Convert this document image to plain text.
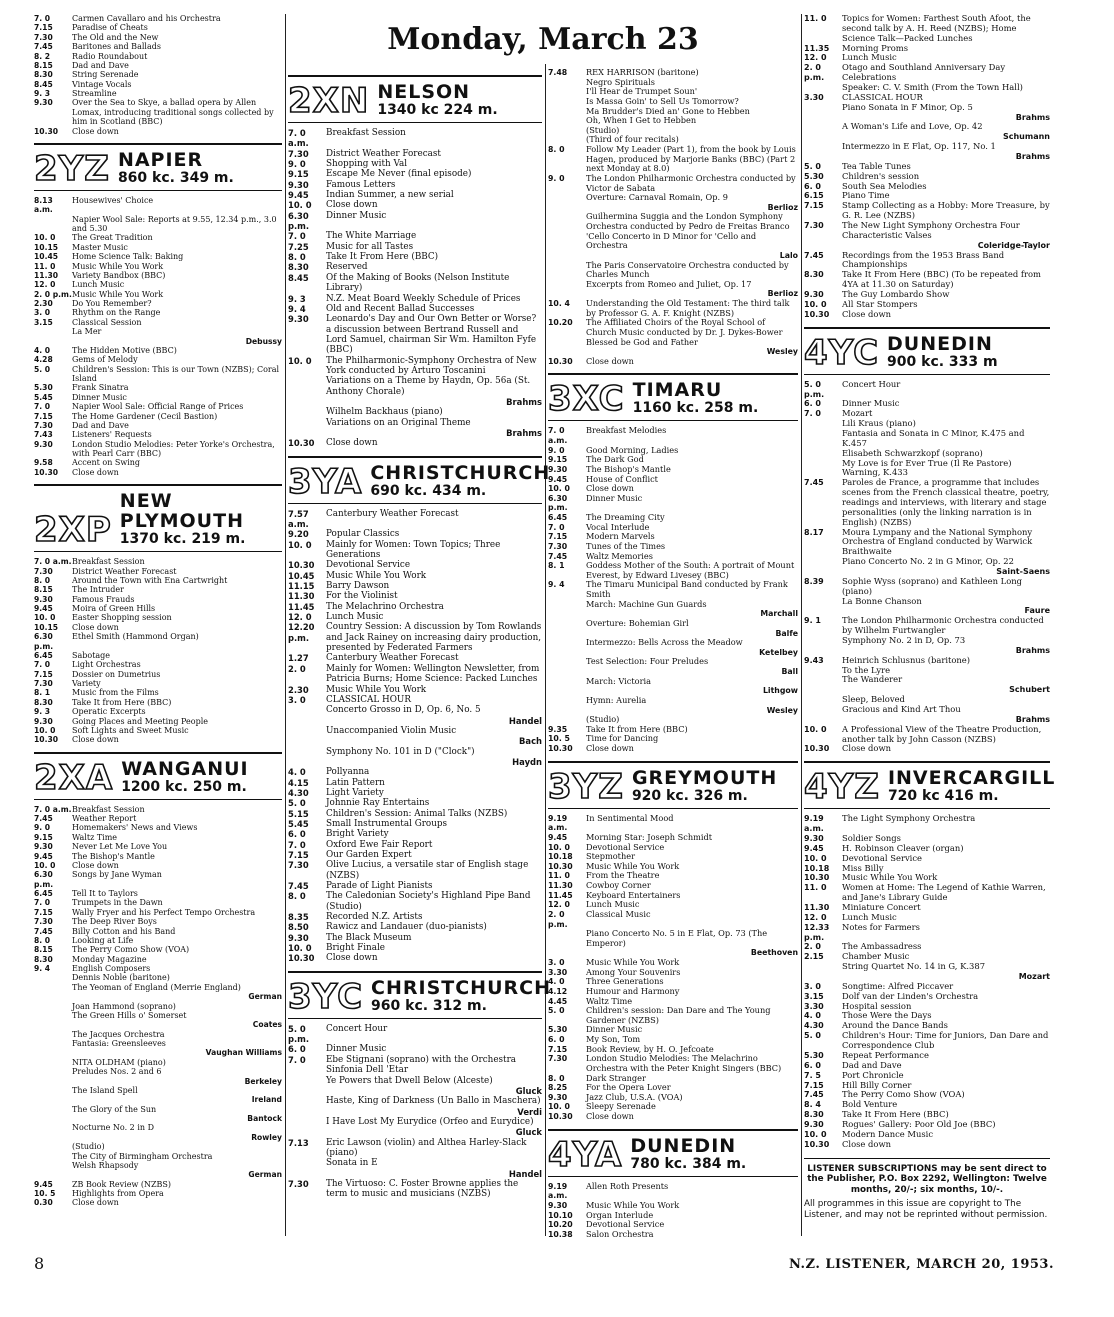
Monday, March 23
7. 0	Carmen Cavallaro and his Orchestra
7.15	Paradise of Cheats
7.30	The Old and the New
7.45	Baritones and Ballads
8. 2	Radio Roundabout
8.15	Dad and Dave
8.30	String Serenade
8.45	Vintage Vocals
9. 3	Streamline
9.30	Over the Sea to Skye, a ballad opera by Allen Lomax, introducing traditional songs collected by him in Scotland (BBC)
10.30	Close down
2YZ NAPIER
860 kc. 349 m.
8.13 a.m.
Housewives' Choice
Napier Wool Sale: Reports at 9.55, 12.34 p.m., 3.0 and 5.30
10. 0	The Great Tradition
10.15	Master Music
10.45	Home Science Talk: Baking
11. 0	Music While You Work
11.30	Variety Bandbox (BBC)
12. 0	Lunch Music
2. 0 p.m. Music While You Work
2.30	Do You Remember?
3. 0	Rhythm on the Range
3.15	Classical Session
La Mer
Debussy
4. 0	The Hidden Motive (BBC)
4.28	Gems of Melody
5. 0	Children's Session: This is our Town (NZBS); Coral Island
5.30	Frank Sinatra
5.45	Dinner Music
7. 0	Napier Wool Sale: Official Range of Prices
7.15	The Home Gardener (Cecil Bastion)
7.30	Dad and Dave
7.43	Listeners' Requests
9.30	London Studio Melodies: Peter Yorke's Orchestra, with Pearl Carr (BBC)
9.58	Accent on Swing
10.30	Close down
2XP
NEW PLYMOUTH
1370 kc. 219 m.
7. 0 a.m. Breakfast Session
7.30	District Weather Forecast
8. 0	Around the Town with Ena Cartwright
8.15	The Intruder
9.30	Famous Frauds
9.45	Moira of Green Hills
10. 0	Easter Shopping session
10.15	Close down
6.30 p.m.
Ethel Smith (Hammond Organ)
6.45	Sabotage
7. 0	Light Orchestras
7.15	Dossier on Dumetrius
7.30	Variety
8. 1	Music from the Films
8.30	Take It from Here (BBC)
9. 3	Operatic Excerpts
9.30	Going Places and Meeting People
10. 0	Soft Lights and Sweet Music
10.30	Close down
2XA WANGANUI
1200 kc. 250 m.
7. 0 a.m. Breakfast Session
7.45	Weather Report
9. 0	Homemakers' News and Views
9.15	Waltz Time
9.30	Never Let Me Love You
9.45	The Bishop's Mantle
10. 0	Close down
6.30 p.m.
Songs by Jane Wyman
6.45	Tell It to Taylors
7. 0	Trumpets in the Dawn
7.15	Wally Fryer and his Perfect Tempo Orchestra
7.30	The Deep River Boys
7.45	Billy Cotton and his Band
8. 0	Looking at Life
8.15	The Perry Como Show (VOA)
8.30	Monday Magazine
9. 4	English Composers
Dennis Noble (baritone)
The Yeoman of England (Merrie England)
German
Joan Hammond (soprano)
The Green Hills o' Somerset
Coates
The Jacques Orchestra
Fantasia: Greensleeves
Vaughan Williams
NITA OLDHAM (piano)
Preludes Nos. 2 and 6
Berkeley
The Island Spell
Ireland
The Glory of the Sun
Bantock
Nocturne No. 2 in D
Rowley
(Studio)
The City of Birmingham Orchestra
Welsh Rhapsody
German
9.45	ZB Book Review (NZBS)
10. 5	Highlights from Opera
0.30	Close down
2XN NELSON
1340 kc 224 m.
7. 0 a.m.
Breakfast Session
7.30	District Weather Forecast
9. 0	Shopping with Val
9.15	Escape Me Never (final episode)
9.30	Famous Letters
9.45	Indian Summer, a new serial
10. 0	Close down
6.30 p.m.
Dinner Music
7. 0	The White Marriage
7.25	Music for all Tastes
8. 0	Take It From Here (BBC)
8.30	Reserved
8.45	Of the Making of Books (Nelson Institute Library)
9. 3	N.Z. Meat Board Weekly Schedule of Prices
9. 4	Old and Recent Ballad Successes
9.30	Leonardo's Day and Our Own Better or Worse? a discussion between Bertrand Russell and Lord Samuel, chairman Sir Wm. Hamilton Fyfe (BBC)
10. 0	The Philharmonic-Symphony Orchestra of New York conducted by Arturo Toscanini
Variations on a Theme by Haydn, Op. 56a (St. Anthony Chorale)
Brahms
Wilhelm Backhaus (piano)
Variations on an Original Theme
Brahms
10.30	Close down
3YA CHRISTCHURCH
690 kc. 434 m.
7.57 a.m.
Canterbury Weather Forecast
9.20	Popular Classics
10. 0	Mainly for Women: Town Topics; Three Generations
10.30	Devotional Service
10.45	Music While You Work
11.15	Barry Dawson
11.30	For the Violinist
11.45	The Melachrino Orchestra
12. 0	Lunch Music
12.20 p.m.
Country Session: A discussion by Tom Rowlands and Jack Rainey on increasing dairy production, presented by Federated Farmers
1.27	Canterbury Weather Forecast
2. 0	Mainly for Women: Wellington Newsletter, from Patricia Burns; Home Science: Packed Lunches
2.30	Music While You Work
3. 0	CLASSICAL HOUR
Concerto Grosso in D, Op. 6, No. 5
Handel
Unaccompanied Violin Music
Bach
Symphony No. 101 in D ("Clock")
Haydn
4. 0	Pollyanna
4.15	Latin Pattern
4.30	Light Variety
5. 0	Johnnie Ray Entertains
5.15	Children's Session: Animal Talks (NZBS)
5.45	Small Instrumental Groups
6. 0	Bright Variety
7. 0	Oxford Ewe Fair Report
7.15	Our Garden Expert
7.30	Olive Lucius, a versatile star of English stage (NZBS)
7.45	Parade of Light Pianists
8. 0	The Caledonian Society's Highland Pipe Band
(Studio)
8.35	Recorded N.Z. Artists
8.50	Rawicz and Landauer (duo-pianists)
9.30	The Black Museum
10. 0	Bright Finale
10.30	Close down
3YC CHRISTCHURCH
960 kc. 312 m.
5. 0 p.m.
Concert Hour
6. 0	Dinner Music
7. 0	Ebe Stignani (soprano) with the Orchestra Sinfonia Dell 'Etar
Ye Powers that Dwell Below (Alceste)
Gluck
Haste, King of Darkness (Un Ballo in Maschera)
Verdi
I Have Lost My Eurydice (Orfeo and Eurydice)
Gluck
7.13	Eric Lawson (violin) and Althea Harley-Slack (piano)
Sonata in E
Handel
7.30	The Virtuoso: C. Foster Browne applies the term to music and musicians (NZBS)
7.48	REX HARRISON (baritone)
Negro Spirituals
I'll Hear de Trumpet Soun'
Is Massa Goin' to Sell Us Tomorrow?
Ma Brudder's Died an' Gone to Hebben
Oh, When I Get to Hebben
(Studio)
(Third of four recitals)
8. 0	Follow My Leader (Part 1), from the book by Louis Hagen, produced by Marjorie Banks (BBC) (Part 2 next Monday at 8.0)
9. 0	The London Philharmonic Orchestra conducted by Victor de Sabata
Overture: Carnaval Romain, Op. 9
Berlioz
Guilhermina Suggia and the London Symphony Orchestra conducted by Pedro de Freitas Branco
'Cello Concerto in D Minor for 'Cello and Orchestra
Lalo
The Paris Conservatoire Orchestra conducted by Charles Munch
Excerpts from Romeo and Juliet, Op. 17
Berlioz
10. 4	Understanding the Old Testament: The third talk by Professor G. A. F. Knight (NZBS)
10.20	The Affiliated Choirs of the Royal School of Church Music conducted by Dr. J. Dykes-Bower
Blessed be God and Father
Wesley
10.30	Close down
3XC TIMARU
1160 kc. 258 m.
7. 0 a.m.
Breakfast Melodies
9. 0	Good Morning, Ladies
9.15	The Dark God
9.30	The Bishop's Mantle
9.45	House of Conflict
10. 0	Close down
6.30 p.m.
Dinner Music
6.45	The Dreaming City
7. 0	Vocal Interlude
7.15	Modern Marvels
7.30	Tunes of the Times
7.45	Waltz Memories
8. 1	Goddess Mother of the South: A portrait of Mount Everest, by Edward Livesey (BBC)
9. 4	The Timaru Municipal Band conducted by Frank Smith
March: Machine Gun Guards
Marchall
Overture: Bohemian Girl
Balfe
Intermezzo: Bells Across the Meadow
Ketelbey
Test Selection: Four Preludes
Ball
March: Victoria
Lithgow
Hymn: Aurelia
Wesley
(Studio)
9.35	Take It from Here (BBC)
10. 5	Time for Dancing
10.30	Close down
3YZ GREYMOUTH
920 kc. 326 m.
9.19 a.m.
In Sentimental Mood
9.45	Morning Star: Joseph Schmidt
10. 0	Devotional Service
10.18	Stepmother
10.30	Music While You Work
11. 0	From the Theatre
11.30	Cowboy Corner
11.45	Keyboard Entertainers
12. 0	Lunch Music
2. 0 p.m.
Classical Music
Piano Concerto No. 5 in E Flat, Op. 73 (The Emperor)
Beethoven
3. 0	Music While You Work
3.30	Among Your Souvenirs
4. 0	Three Generations
4.12	Humour and Harmony
4.45	Waltz Time
5. 0	Children's session: Dan Dare and The Young Gardener (NZBS)
5.30	Dinner Music
6. 0	My Son, Tom
7.15	Book Review, by H. O. Jefcoate
7.30	London Studio Melodies: The Melachrino Orchestra with the Peter Knight Singers (BBC)
8. 0	Dark Stranger
8.25	For the Opera Lover
9.30	Jazz Club, U.S.A. (VOA)
10. 0	Sleepy Serenade
10.30	Close down
4YA DUNEDIN
780 kc. 384 m.
9.19 a.m.
Allen Roth Presents
9.30	Music While You Work
10.10	Organ Interlude
10.20	Devotional Service
10.38	Salon Orchestra
11. 0	Topics for Women: Farthest South Afoot, the second talk by A. H. Reed (NZBS); Home Science Talk—Packed Lunches
11.35	Morning Proms
12. 0	Lunch Music
2. 0 p.m.
Otago and Southland Anniversary Day Celebrations
Speaker: C. V. Smith (From the Town Hall)
3.30	CLASSICAL HOUR
Piano Sonata in F Minor, Op. 5
Brahms
A Woman's Life and Love, Op. 42
Schumann
Intermezzo in E Flat, Op. 117, No. 1
Brahms
5. 0	Tea Table Tunes
5.30	Children's session
6. 0	South Sea Melodies
6.15	Piano Time
7.15	Stamp Collecting as a Hobby: More Treasure, by G. R. Lee (NZBS)
7.30	The New Light Symphony Orchestra Four Characteristic Valses
Coleridge-Taylor
7.45	Recordings from the 1953 Brass Band Championships
8.30	Take It From Here (BBC) (To be repeated from 4YA at 11.30 on Saturday)
9.30	The Guy Lombardo Show
10. 0	All Star Stompers
10.30	Close down
4YC DUNEDIN
900 kc. 333 m
5. 0 p.m.
Concert Hour
6. 0	Dinner Music
7. 0	Mozart
Lili Kraus (piano)
Fantasia and Sonata in C Minor, K.475 and K.457
Elisabeth Schwarzkopf (soprano)
My Love is for Ever True (Il Re Pastore)
Warning, K.433
7.45	Paroles de France, a programme that includes scenes from the French classical theatre, poetry, readings and interviews, with literary and stage personalities (only the linking narration is in English) (NZBS)
8.17	Moura Lympany and the National Symphony Orchestra of England conducted by Warwick Braithwaite
Piano Concerto No. 2 in G Minor, Op. 22
Saint-Saens
8.39	Sophie Wyss (soprano) and Kathleen Long (piano)
La Bonne Chanson
Faure
9. 1	The London Philharmonic Orchestra conducted by Wilhelm Furtwangler
Symphony No. 2 in D, Op. 73
Brahms
9.43	Heinrich Schlusnus (baritone)
To the Lyre
The Wanderer
Schubert
Sleep, Beloved
Gracious and Kind Art Thou
Brahms
10. 0	A Professional View of the Theatre Production, another talk by John Casson (NZBS)
10.30	Close down
4YZ INVERCARGILL
720 kc 416 m.
9.19 a.m.
The Light Symphony Orchestra
9.30	Soldier Songs
9.45	H. Robinson Cleaver (organ)
10. 0	Devotional Service
10.18	Miss Billy
10.30	Music While You Work
11. 0	Women at Home: The Legend of Kathie Warren, and Jane's Library Guide
11.30	Miniature Concert
12. 0	Lunch Music
12.33 p.m.
Notes for Farmers
2. 0	The Ambassadress
2.15	Chamber Music
String Quartet No. 14 in G, K.387
Mozart
3. 0	Songtime: Alfred Piccaver
3.15	Dolf van der Linden's Orchestra
3.30	Hospital session
4. 0	Those Were the Days
4.30	Around the Dance Bands
5. 0	Children's Hour: Time for Juniors, Dan Dare and Correspondence Club
5.30	Repeat Performance
6. 0	Dad and Dave
7. 5	Port Chronicle
7.15	Hill Billy Corner
7.45	The Perry Como Show (VOA)
8. 4	Bold Venture
8.30	Take It From Here (BBC)
9.30	Rogues' Gallery: Poor Old Joe (BBC)
10. 0	Modern Dance Music
10.30	Close down

LISTENER SUBSCRIPTIONS may be sent direct to the Publisher, P.O. Box 2292, Wellington: Twelve months, 20/-; six months, 10/-.

All programmes in this issue are copyright to The Listener, and may not be reprinted without permission.

8	N.Z. LISTENER, MARCH 20, 1953.
